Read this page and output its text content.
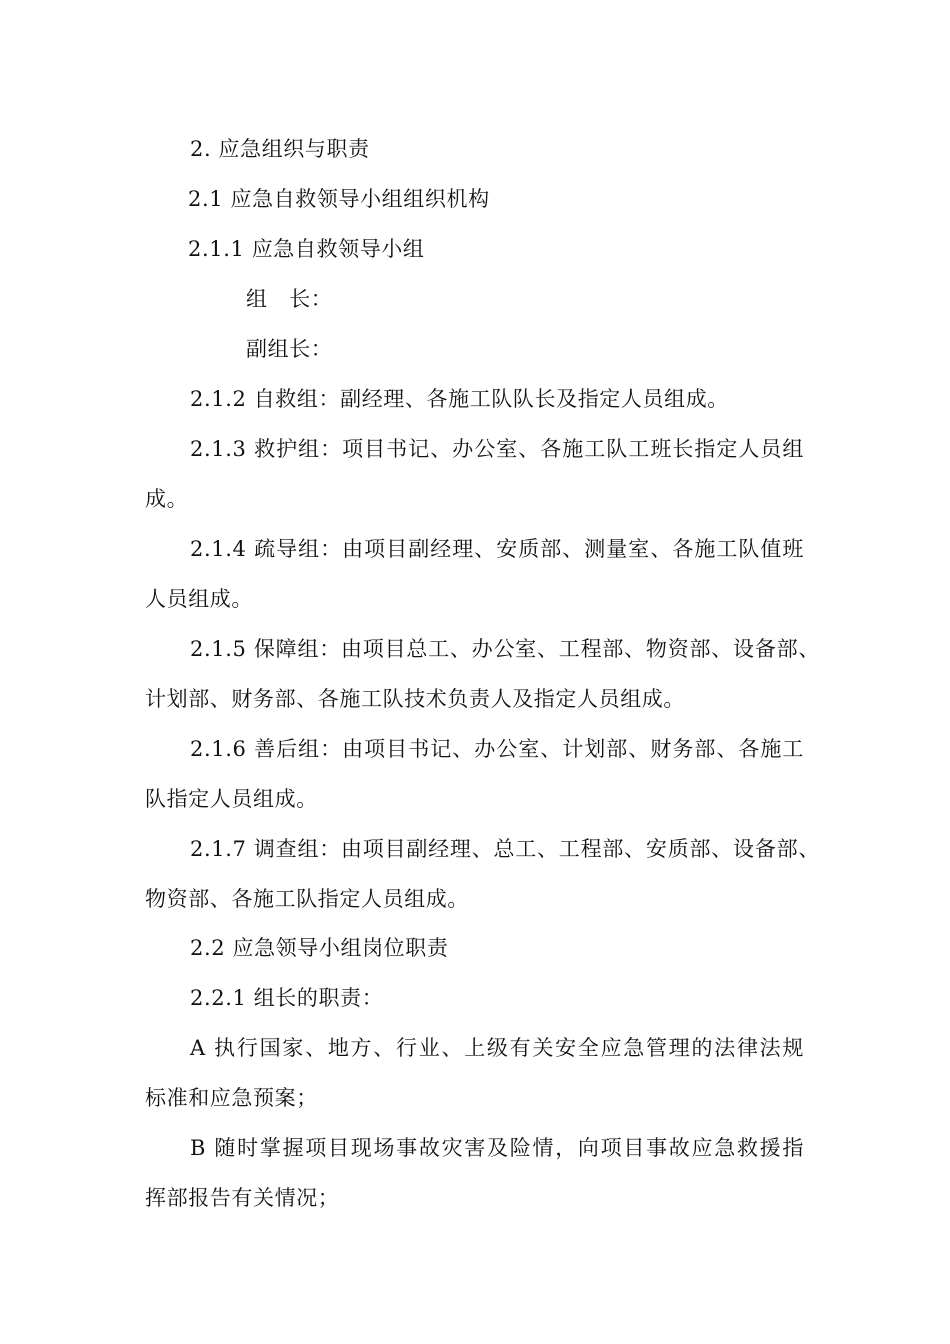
2. 应急组织与职责
2.1 应急自救领导小组组织机构
2.1.1 应急自救领导小组
组　长：
副组长：
2.1.2 自救组：副经理、各施工队队长及指定人员组成。
2.1.3 救护组：项目书记、办公室、各施工队工班长指定人员组
成。
2.1.4 疏导组：由项目副经理、安质部、测量室、各施工队值班
人员组成。
2.1.5 保障组：由项目总工、办公室、工程部、物资部、设备部、
计划部、财务部、各施工队技术负责人及指定人员组成。
2.1.6 善后组：由项目书记、办公室、计划部、财务部、各施工
队指定人员组成。
2.1.7 调查组：由项目副经理、总工、工程部、安质部、设备部、
物资部、各施工队指定人员组成。
2.2 应急领导小组岗位职责
2.2.1 组长的职责：
A 执行国家、地方、行业、上级有关安全应急管理的法律法规
标准和应急预案；
B 随时掌握项目现场事故灾害及险情，向项目事故应急救援指
挥部报告有关情况；
